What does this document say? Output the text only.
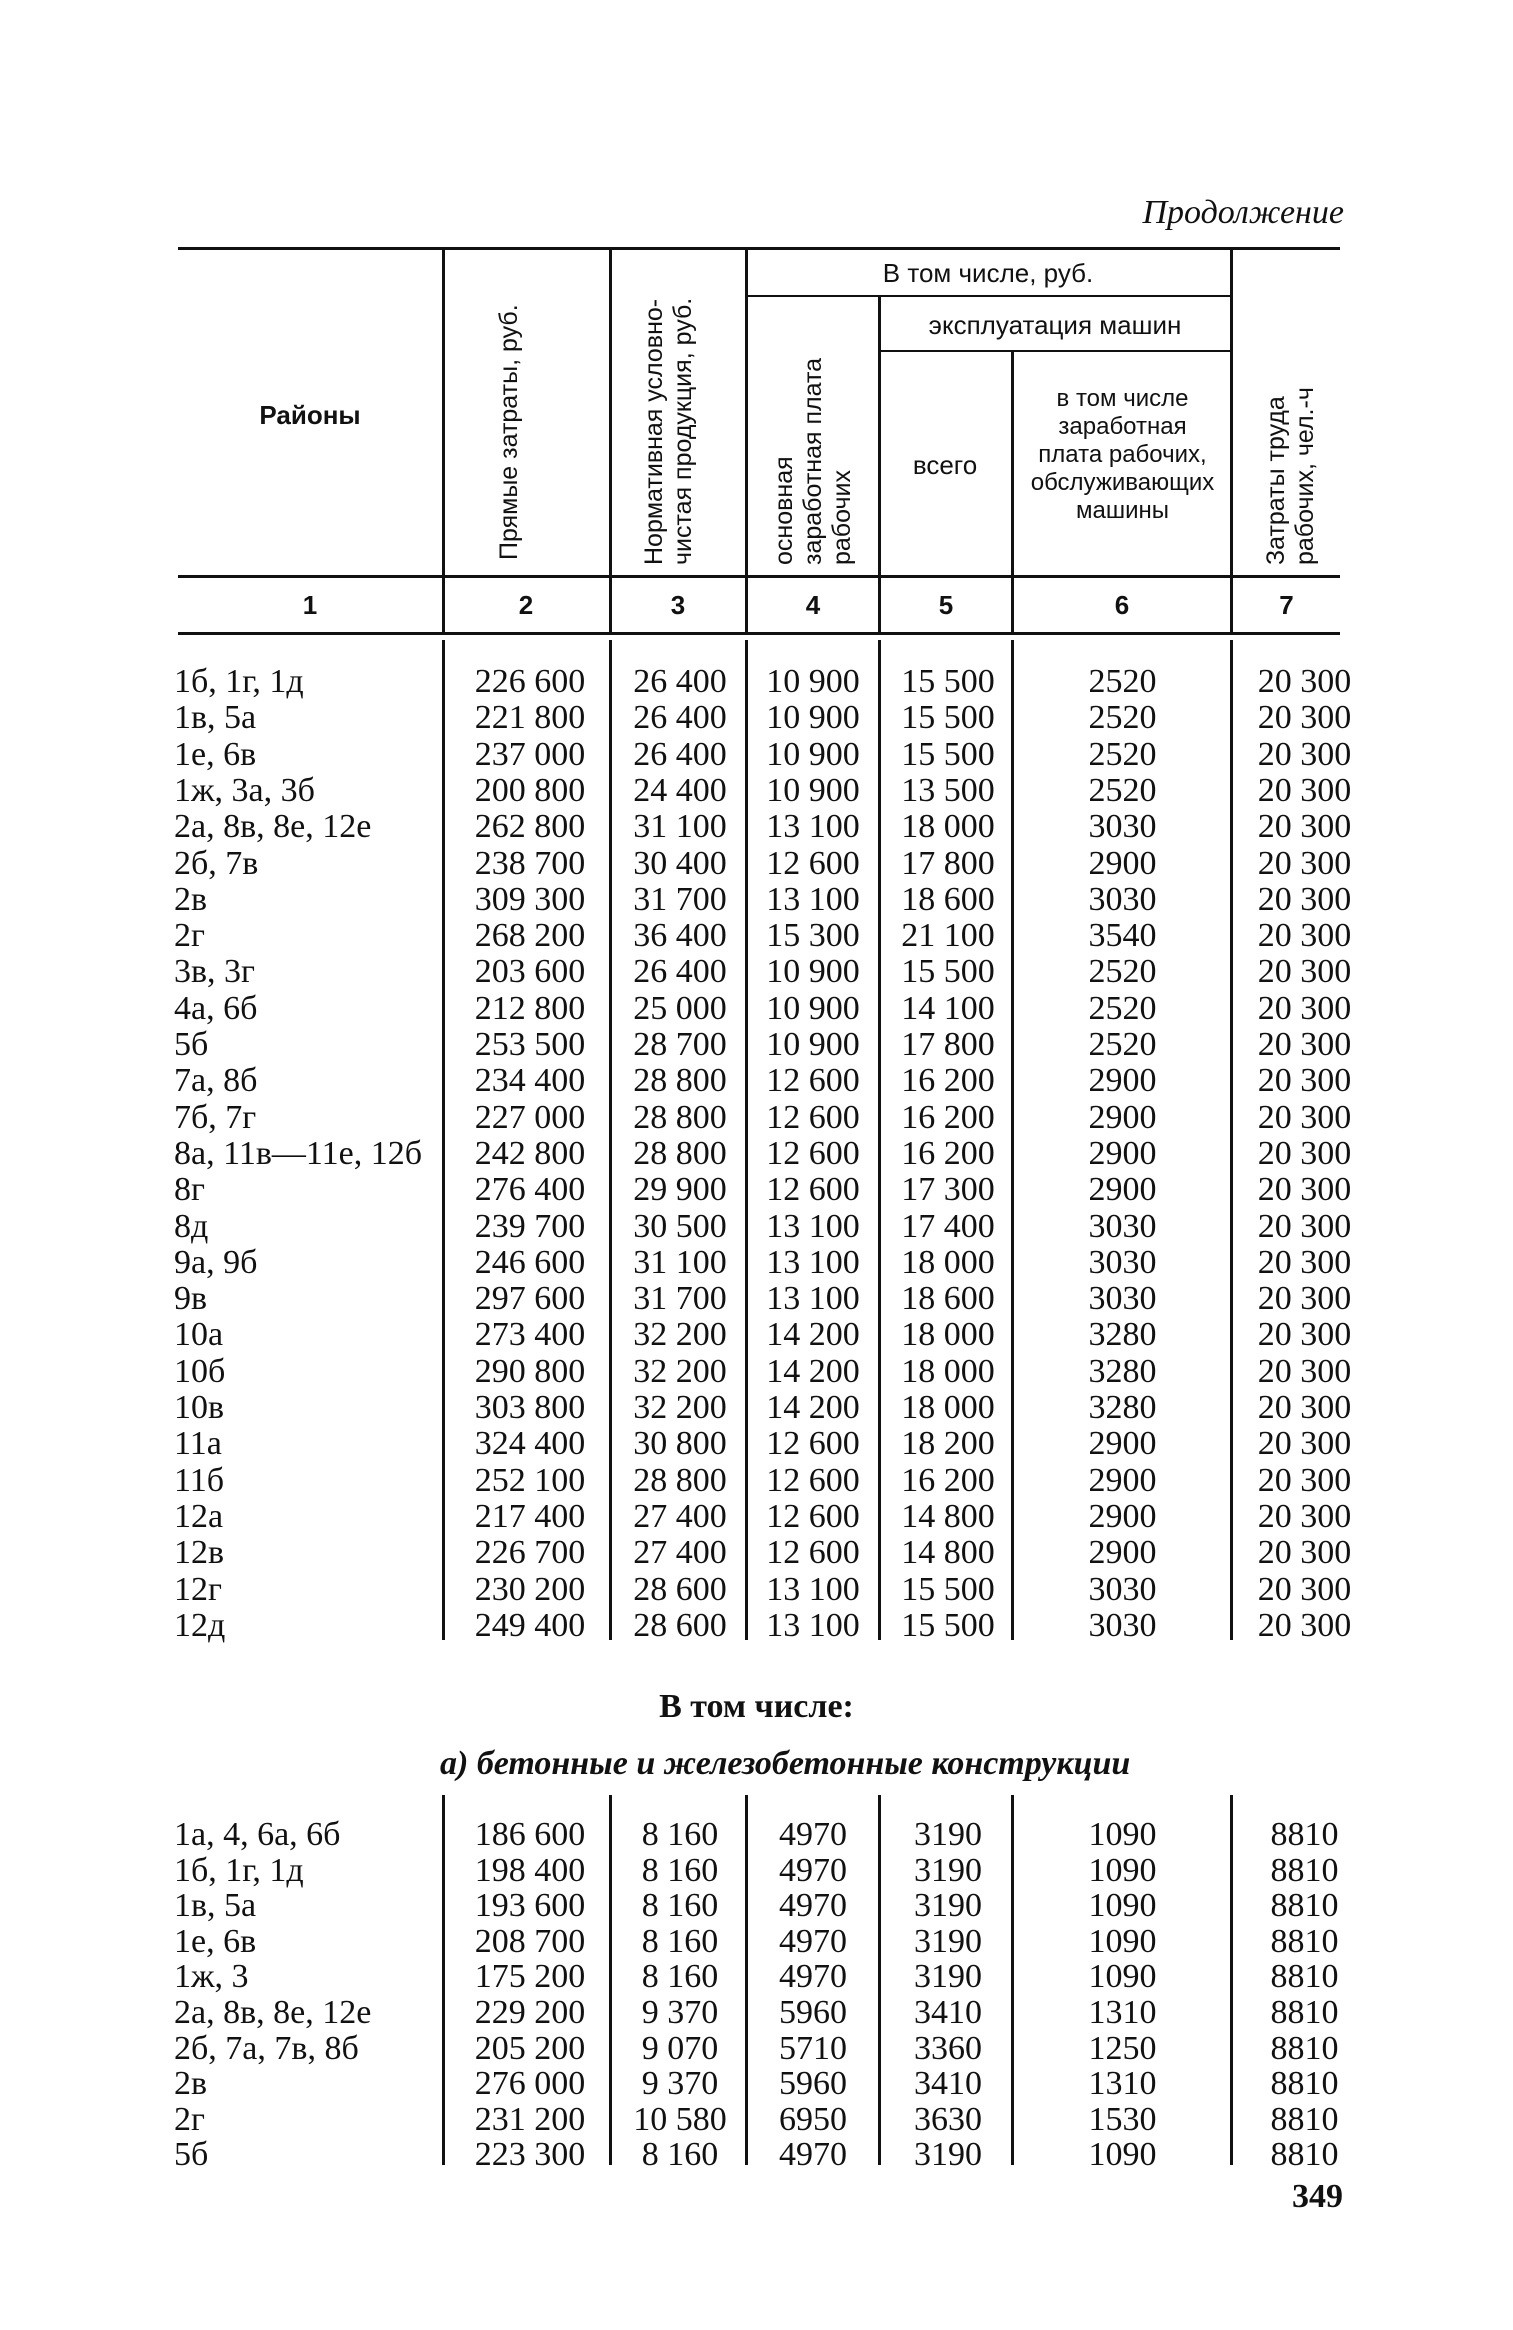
Продолжение
Районы	Прямые затраты, руб.	Нормативная условно-чистая продукция, руб.
В том числе, руб.
основная заработная плата рабочих
эксплуатация машин
всего
в том числе заработная плата рабочих, обслуживающих машины	Затраты труда рабочих, чел.-ч
1	2	3	4	5	6	7
1б, 1г, 1д	226 600	26 400	10 900	15 500	2520	20 300
1в, 5а	221 800	26 400	10 900	15 500	2520	20 300
1е, 6в	237 000	26 400	10 900	15 500	2520	20 300
1ж, 3а, 3б	200 800	24 400	10 900	13 500	2520	20 300
2а, 8в, 8е, 12е	262 800	31 100	13 100	18 000	3030	20 300
2б, 7в	238 700	30 400	12 600	17 800	2900	20 300
2в	309 300	31 700	13 100	18 600	3030	20 300
2г	268 200	36 400	15 300	21 100	3540	20 300
3в, 3г	203 600	26 400	10 900	15 500	2520	20 300
4а, 6б	212 800	25 000	10 900	14 100	2520	20 300
5б	253 500	28 700	10 900	17 800	2520	20 300
7а, 8б	234 400	28 800	12 600	16 200	2900	20 300
7б, 7г	227 000	28 800	12 600	16 200	2900	20 300
8а, 11в—11е, 12б	242 800	28 800	12 600	16 200	2900	20 300
8г	276 400	29 900	12 600	17 300	2900	20 300
8д	239 700	30 500	13 100	17 400	3030	20 300
9а, 9б	246 600	31 100	13 100	18 000	3030	20 300
9в	297 600	31 700	13 100	18 600	3030	20 300
10а	273 400	32 200	14 200	18 000	3280	20 300
10б	290 800	32 200	14 200	18 000	3280	20 300
10в	303 800	32 200	14 200	18 000	3280	20 300
11а	324 400	30 800	12 600	18 200	2900	20 300
11б	252 100	28 800	12 600	16 200	2900	20 300
12а	217 400	27 400	12 600	14 800	2900	20 300
12в	226 700	27 400	12 600	14 800	2900	20 300
12г	230 200	28 600	13 100	15 500	3030	20 300
12д	249 400	28 600	13 100	15 500	3030	20 300
В том числе:
а) бетонные и железобетонные конструкции
1а, 4, 6а, 6б	186 600	8 160	4970	3190	1090	8810
1б, 1г, 1д	198 400	8 160	4970	3190	1090	8810
1в, 5а	193 600	8 160	4970	3190	1090	8810
1е, 6в	208 700	8 160	4970	3190	1090	8810
1ж, 3	175 200	8 160	4970	3190	1090	8810
2а, 8в, 8е, 12е	229 200	9 370	5960	3410	1310	8810
2б, 7а, 7в, 8б	205 200	9 070	5710	3360	1250	8810
2в	276 000	9 370	5960	3410	1310	8810
2г	231 200	10 580	6950	3630	1530	8810
5б	223 300	8 160	4970	3190	1090	8810
349
